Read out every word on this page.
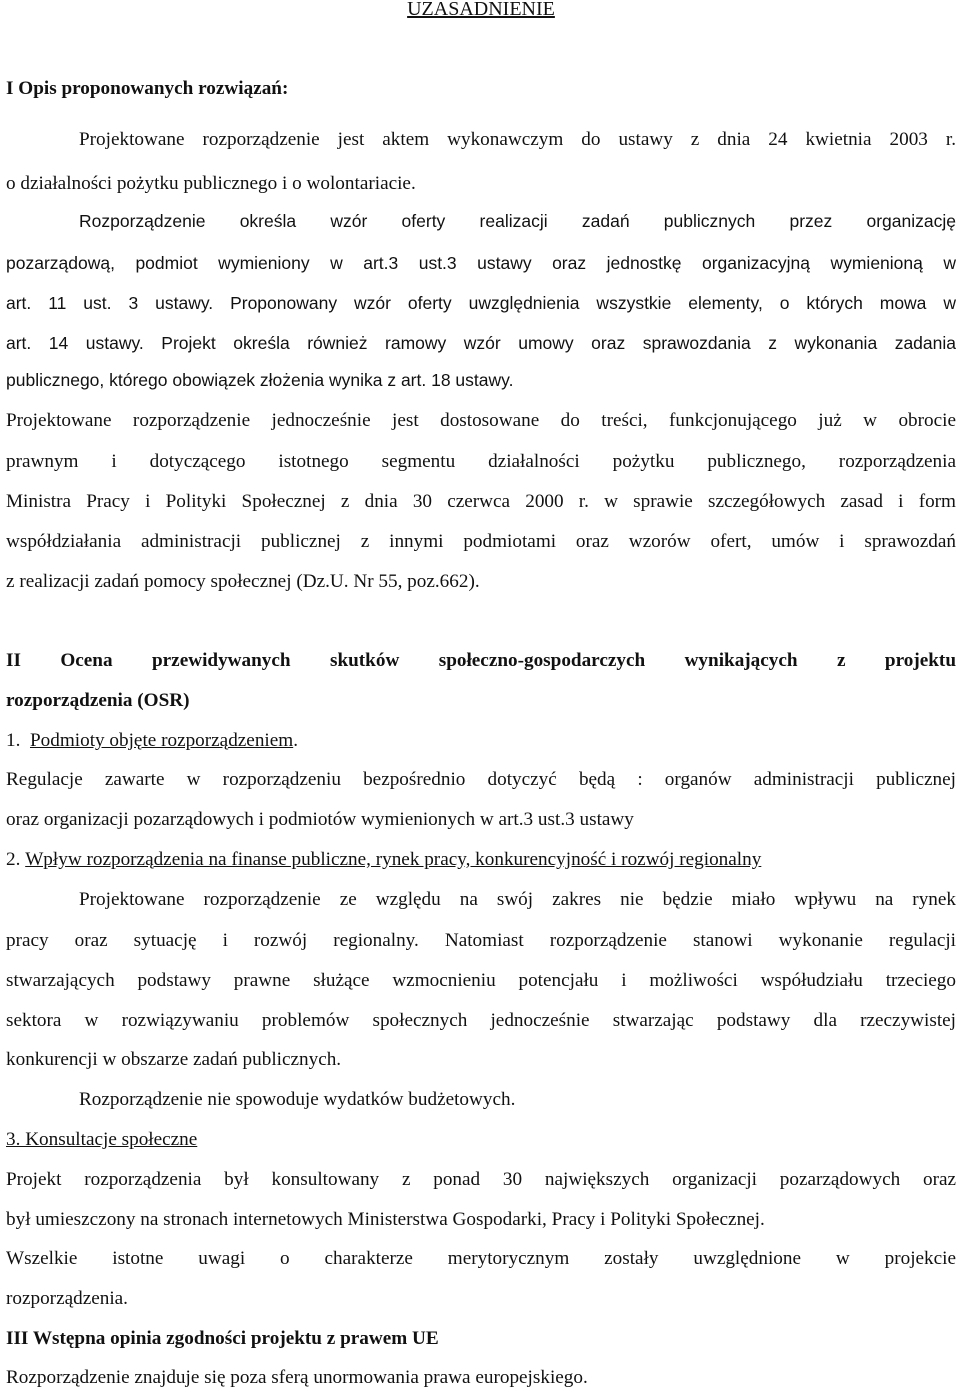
UZASADNIENIE
I Opis proponowanych rozwiązań:
Projektowane rozporządzenie jest aktem wykonawczym do ustawy z dnia 24 kwietnia 2003 r.
o działalności pożytku publicznego i o wolontariacie.
Rozporządzenie określa wzór oferty realizacji zadań publicznych przez organizację
pozarządową, podmiot wymieniony w art.3 ust.3 ustawy oraz jednostkę organizacyjną wymienioną w
art. 11 ust. 3 ustawy. Proponowany wzór oferty uwzględnienia wszystkie elementy, o których mowa w
art. 14 ustawy. Projekt określa również ramowy wzór umowy oraz sprawozdania z wykonania zadania
publicznego, którego obowiązek złożenia wynika z art. 18 ustawy.
Projektowane rozporządzenie jednocześnie jest dostosowane do treści, funkcjonującego już w obrocie
prawnym i dotyczącego istotnego segmentu działalności pożytku publicznego, rozporządzenia
Ministra Pracy i Polityki Społecznej z dnia 30 czerwca 2000 r. w sprawie szczegółowych zasad i form
współdziałania administracji publicznej z innymi podmiotami oraz wzorów ofert, umów i sprawozdań
z realizacji zadań pomocy społecznej (Dz.U. Nr 55, poz.662).
II Ocena przewidywanych skutków społeczno-gospodarczych wynikających z projektu
rozporządzenia (OSR)
1. Podmioty objęte rozporządzeniem.
Regulacje zawarte w rozporządzeniu bezpośrednio dotyczyć będą : organów administracji publicznej
oraz organizacji pozarządowych i podmiotów wymienionych w art.3 ust.3 ustawy
2. Wpływ rozporządzenia na finanse publiczne, rynek pracy, konkurencyjność i rozwój regionalny
Projektowane rozporządzenie ze względu na swój zakres nie będzie miało wpływu na rynek
pracy oraz sytuację i rozwój regionalny. Natomiast rozporządzenie stanowi wykonanie regulacji
stwarzających podstawy prawne służące wzmocnieniu potencjału i możliwości współudziału trzeciego
sektora w rozwiązywaniu problemów społecznych jednocześnie stwarzając podstawy dla rzeczywistej
konkurencji w obszarze zadań publicznych.
Rozporządzenie nie spowoduje wydatków budżetowych.
3. Konsultacje społeczne
Projekt rozporządzenia był konsultowany z ponad 30 największych organizacji pozarządowych oraz
był umieszczony na stronach internetowych Ministerstwa Gospodarki, Pracy i Polityki Społecznej.
Wszelkie istotne uwagi o charakterze merytorycznym zostały uwzględnione w projekcie
rozporządzenia.
III Wstępna opinia zgodności projektu z prawem UE
Rozporządzenie znajduje się poza sferą unormowania prawa europejskiego.
